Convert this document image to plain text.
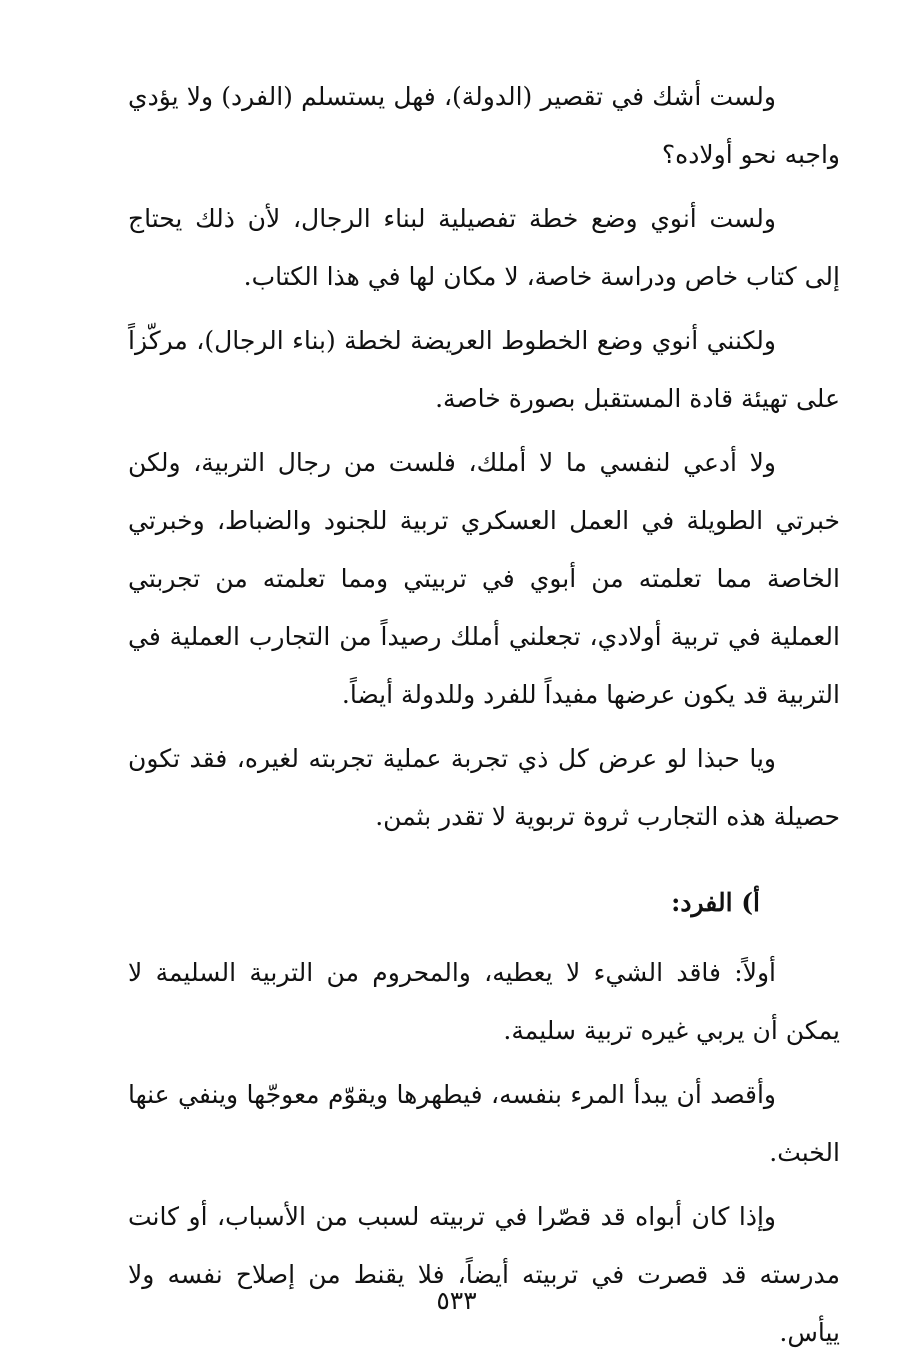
ولست أشك في تقصير (الدولة)، فهل يستسلم (الفرد) ولا يؤدي واجبه نحو أولاده؟

ولست أنوي وضع خطة تفصيلية لبناء الرجال، لأن ذلك يحتاج إلى كتاب خاص ودراسة خاصة، لا مكان لها في هذا الكتاب.

ولكنني أنوي وضع الخطوط العريضة لخطة (بناء الرجال)، مركّزاً على تهيئة قادة المستقبل بصورة خاصة.

ولا أدعي لنفسي ما لا أملك، فلست من رجال التربية، ولكن خبرتي الطويلة في العمل العسكري تربية للجنود والضباط، وخبرتي الخاصة مما تعلمته من أبوي في تربيتي ومما تعلمته من تجربتي العملية في تربية أولادي، تجعلني أملك رصيداً من التجارب العملية في التربية قد يكون عرضها مفيداً للفرد وللدولة أيضاً.

ويا حبذا لو عرض كل ذي تجربة عملية تجربته لغيره، فقد تكون حصيلة هذه التجارب ثروة تربوية لا تقدر بثمن.

أ) الفرد:

أولاً: فاقد الشيء لا يعطيه، والمحروم من التربية السليمة لا يمكن أن يربي غيره تربية سليمة.

وأقصد أن يبدأ المرء بنفسه، فيطهرها ويقوّم معوجّها وينفي عنها الخبث.

وإذا كان أبواه قد قصّرا في تربيته لسبب من الأسباب، أو كانت مدرسته قد قصرت في تربيته أيضاً، فلا يقنط من إصلاح نفسه ولا ييأس.

٥٣٣
